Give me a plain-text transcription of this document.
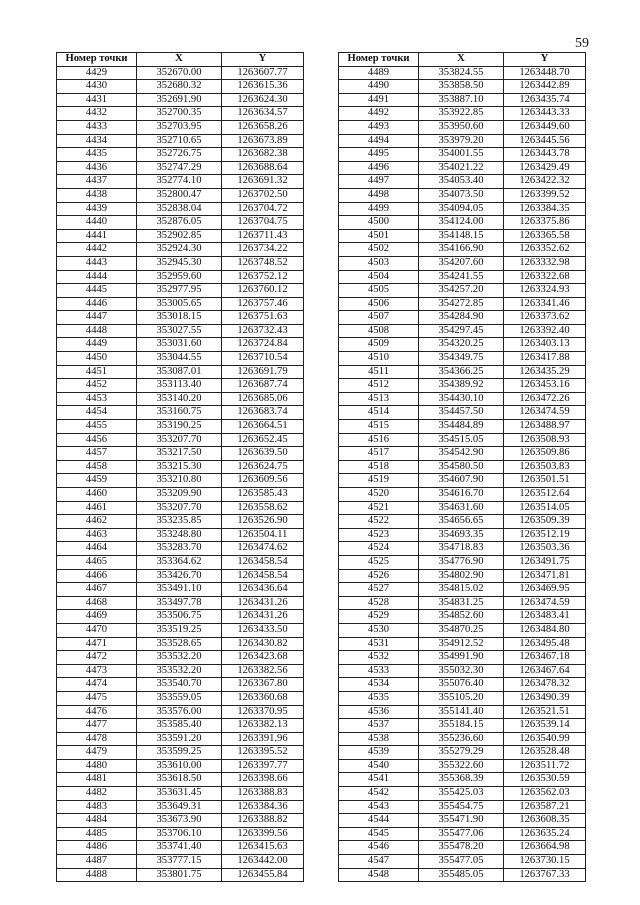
59
Номер точки	X	Y
4429	352670.00	1263607.77
4430	352680.32	1263615.36
4431	352691.90	1263624.30
4432	352700.35	1263634.57
4433	352703.95	1263658.26
4434	352710.65	1263673.89
4435	352726.75	1263682.38
4436	352747.29	1263688.64
4437	352774.10	1263691.32
4438	352800.47	1263702.50
4439	352838.04	1263704.72
4440	352876.05	1263704.75
4441	352902.85	1263711.43
4442	352924.30	1263734.22
4443	352945.30	1263748.52
4444	352959.60	1263752.12
4445	352977.95	1263760.12
4446	353005.65	1263757.46
4447	353018.15	1263751.63
4448	353027.55	1263732.43
4449	353031.60	1263724.84
4450	353044.55	1263710.54
4451	353087.01	1263691.79
4452	353113.40	1263687.74
4453	353140.20	1263685.06
4454	353160.75	1263683.74
4455	353190.25	1263664.51
4456	353207.70	1263652.45
4457	353217.50	1263639.50
4458	353215.30	1263624.75
4459	353210.80	1263609.56
4460	353209.90	1263585.43
4461	353207.70	1263558.62
4462	353235.85	1263526.90
4463	353248.80	1263504.11
4464	353283.70	1263474.62
4465	353364.62	1263458.54
4466	353426.70	1263458.54
4467	353491.10	1263436.64
4468	353497.78	1263431.26
4469	353506.75	1263431.26
4470	353519.25	1263433.50
4471	353528.65	1263430.82
4472	353532.20	1263423.68
4473	353532.20	1263382.56
4474	353540.70	1263367.80
4475	353559.05	1263360.68
4476	353576.00	1263370.95
4477	353585.40	1263382.13
4478	353591.20	1263391.96
4479	353599.25	1263395.52
4480	353610.00	1263397.77
4481	353618.50	1263398.66
4482	353631.45	1263388.83
4483	353649.31	1263384.36
4484	353673.90	1263388.82
4485	353706.10	1263399.56
4486	353741.40	1263415.63
4487	353777.15	1263442.00
4488	353801.75	1263455.84
Номер точки	X	Y
4489	353824.55	1263448.70
4490	353858.50	1263442.89
4491	353887.10	1263435.74
4492	353922.85	1263443.33
4493	353950.60	1263449.60
4494	353979.20	1263445.56
4495	354001.55	1263443.78
4496	354021.22	1263429.49
4497	354053.40	1263422.32
4498	354073.50	1263399.52
4499	354094.05	1263384.35
4500	354124.00	1263375.86
4501	354148.15	1263365.58
4502	354166.90	1263352.62
4503	354207.60	1263332.98
4504	354241.55	1263322.68
4505	354257.20	1263324.93
4506	354272.85	1263341.46
4507	354284.90	1263373.62
4508	354297.45	1263392.40
4509	354320.25	1263403.13
4510	354349.75	1263417.88
4511	354366.25	1263435.29
4512	354389.92	1263453.16
4513	354430.10	1263472.26
4514	354457.50	1263474.59
4515	354484.89	1263488.97
4516	354515.05	1263508.93
4517	354542.90	1263509.86
4518	354580.50	1263503.83
4519	354607.90	1263501.51
4520	354616.70	1263512.64
4521	354631.60	1263514.05
4522	354656.65	1263509.39
4523	354693.35	1263512.19
4524	354718.83	1263503.36
4525	354776.90	1263491.75
4526	354802.90	1263471.81
4527	354815.02	1263469.95
4528	354831.25	1263474.59
4529	354852.60	1263483.41
4530	354870.25	1263484.80
4531	354912.52	1263495.48
4532	354991.90	1263467.18
4533	355032.30	1263467.64
4534	355076.40	1263478.32
4535	355105.20	1263490.39
4536	355141.40	1263521.51
4537	355184.15	1263539.14
4538	355236.60	1263540.99
4539	355279.29	1263528.48
4540	355322.60	1263511.72
4541	355368.39	1263530.59
4542	355425.03	1263562.03
4543	355454.75	1263587.21
4544	355471.90	1263608.35
4545	355477.06	1263635.24
4546	355478.20	1263664.98
4547	355477.05	1263730.15
4548	355485.05	1263767.33
